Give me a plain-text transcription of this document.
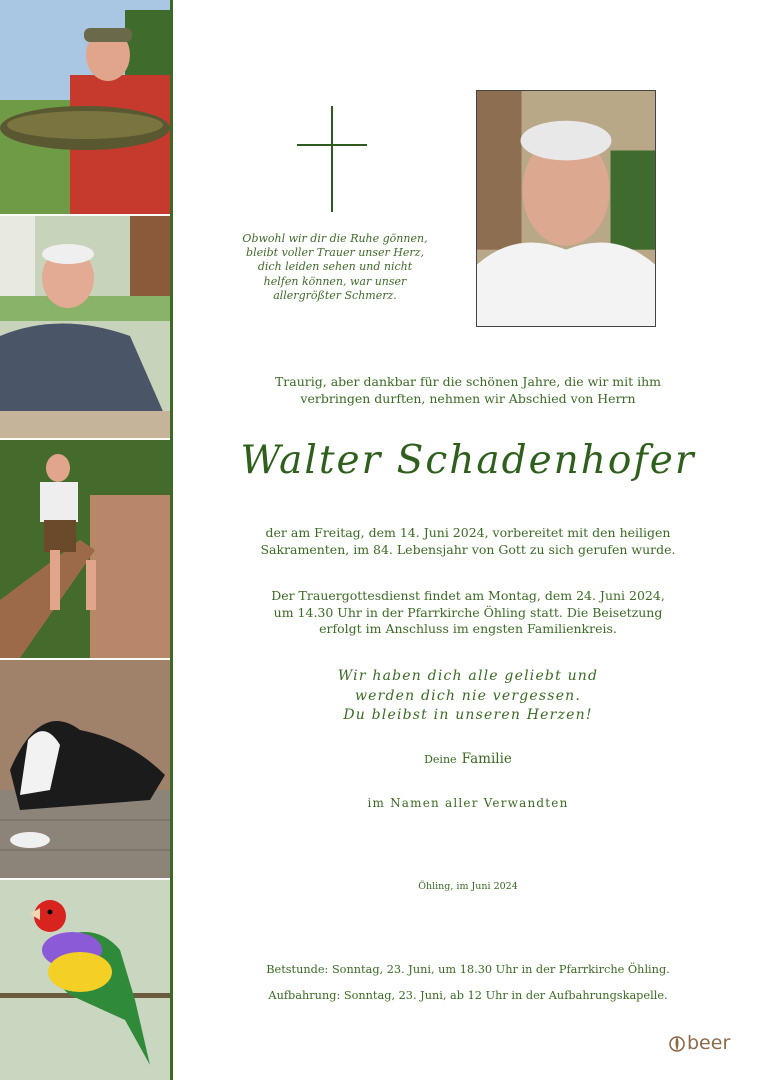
Obwohl wir dir die Ruhe gönnen,
bleibt voller Trauer unser Herz,
dich leiden sehen und nicht
helfen können, war unser
allergrößter Schmerz.
Traurig, aber dankbar für die schönen Jahre, die wir mit ihm
verbringen durften, nehmen wir Abschied von Herrn
Walter Schadenhofer
der am Freitag, dem 14. Juni 2024, vorbereitet mit den heiligen
Sakramenten, im 84. Lebensjahr von Gott zu sich gerufen wurde.
Der Trauergottesdienst findet am Montag, dem 24. Juni 2024,
um 14.30 Uhr in der Pfarrkirche Öhling statt. Die Beisetzung
erfolgt im Anschluss im engsten Familienkreis.
Wir haben dich alle geliebt und
werden dich nie vergessen.
Du bleibst in unseren Herzen!
Deine Familie
im Namen aller Verwandten
Öhling, im Juni 2024
Betstunde: Sonntag, 23. Juni, um 18.30 Uhr in der Pfarrkirche Öhling.
Aufbahrung: Sonntag, 23. Juni, ab 12 Uhr in der Aufbahrungskapelle.
beer
